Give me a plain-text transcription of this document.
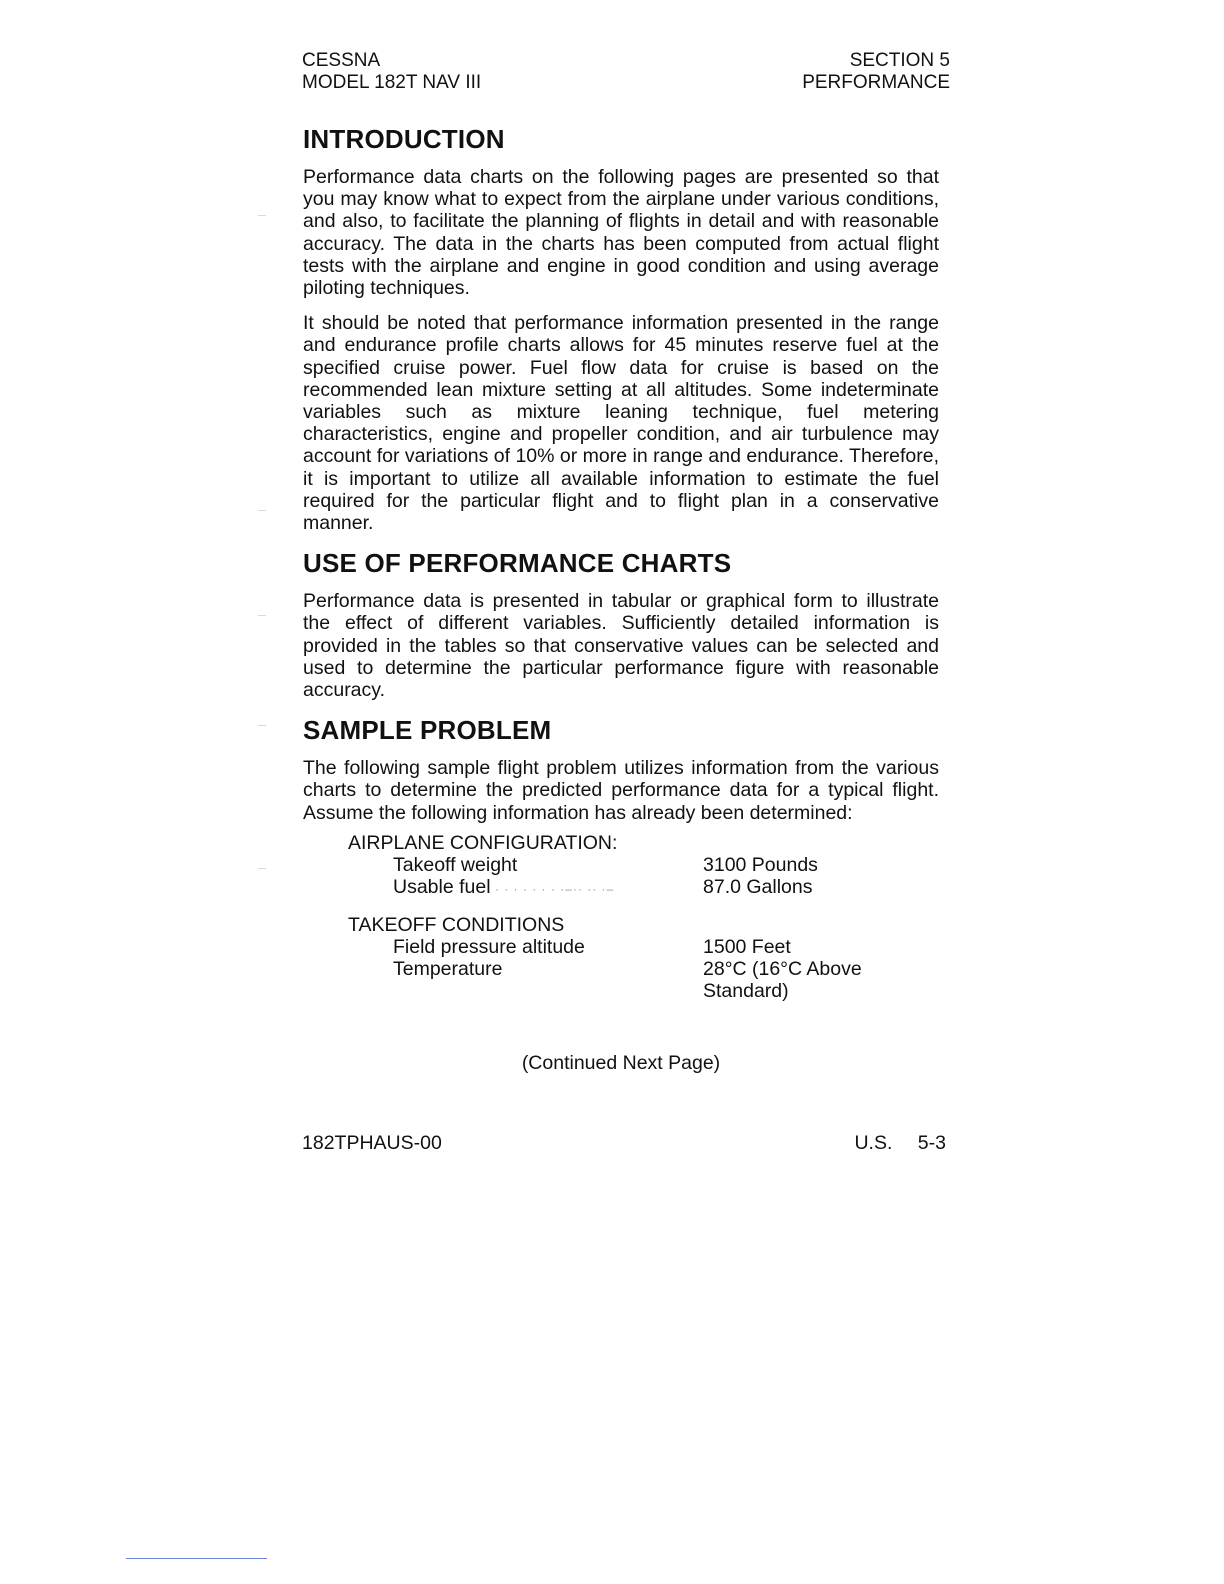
CESSNA
MODEL 182T NAV III
SECTION 5
PERFORMANCE
INTRODUCTION

Performance data charts on the following pages are presented so that you may know what to expect from the airplane under various conditions, and also, to facilitate the planning of flights in detail and with reasonable accuracy. The data in the charts has been computed from actual flight tests with the airplane and engine in good condition and using average piloting techniques.

It should be noted that performance information presented in the range and endurance profile charts allows for 45 minutes reserve fuel at the specified cruise power. Fuel flow data for cruise is based on the recommended lean mixture setting at all altitudes. Some indeterminate variables such as mixture leaning technique, fuel metering characteristics, engine and propeller condition, and air turbulence may account for variations of 10% or more in range and endurance. Therefore, it is important to utilize all available information to estimate the fuel required for the particular flight and to flight plan in a conservative manner.

USE OF PERFORMANCE CHARTS

Performance data is presented in tabular or graphical form to illustrate the effect of different variables. Sufficiently detailed information is provided in the tables so that conservative values can be selected and used to determine the particular performance figure with reasonable accuracy.

SAMPLE PROBLEM

The following sample flight problem utilizes information from the various charts to determine the predicted performance data for a typical flight. Assume the following information has already been determined:

AIRPLANE CONFIGURATION:
Takeoff weight	3100 Pounds
Usable fuel · · · · · · · ·–·· ·· ·–	87.0 Gallons
TAKEOFF CONDITIONS
Field pressure altitude	1500 Feet
Temperature	28°C (16°C Above
Standard)
(Continued Next Page)
182TPHAUS-00	U.S. 5-3
